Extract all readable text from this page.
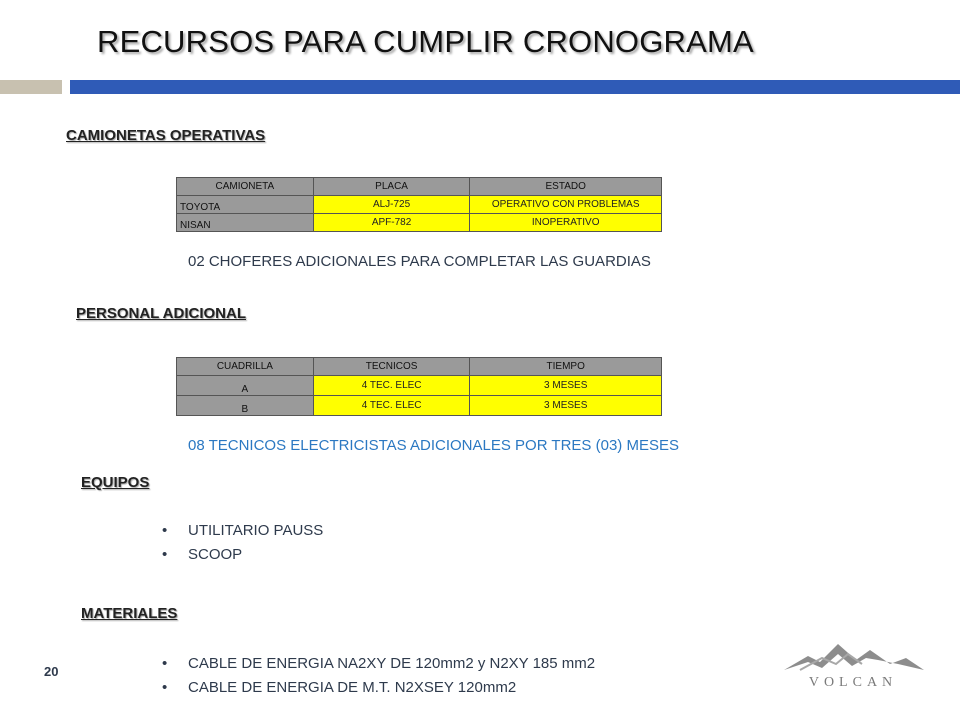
RECURSOS PARA CUMPLIR CRONOGRAMA
CAMIONETAS OPERATIVAS
CAMIONETA	PLACA	ESTADO
TOYOTA	ALJ-725	OPERATIVO CON PROBLEMAS
NISAN	APF-782	INOPERATIVO
02 CHOFERES ADICIONALES PARA COMPLETAR LAS GUARDIAS
PERSONAL ADICIONAL
CUADRILLA	TECNICOS	TIEMPO
A	4 TEC. ELEC	3 MESES
B	4 TEC. ELEC	3 MESES
08 TECNICOS ELECTRICISTAS ADICIONALES POR TRES (03) MESES
EQUIPOS
• UTILITARIO PAUSS
• SCOOP
MATERIALES
• CABLE DE ENERGIA NA2XY DE 120mm2 y N2XY 185 mm2
• CABLE DE ENERGIA DE M.T. N2XSEY 120mm2
20
VOLCAN
